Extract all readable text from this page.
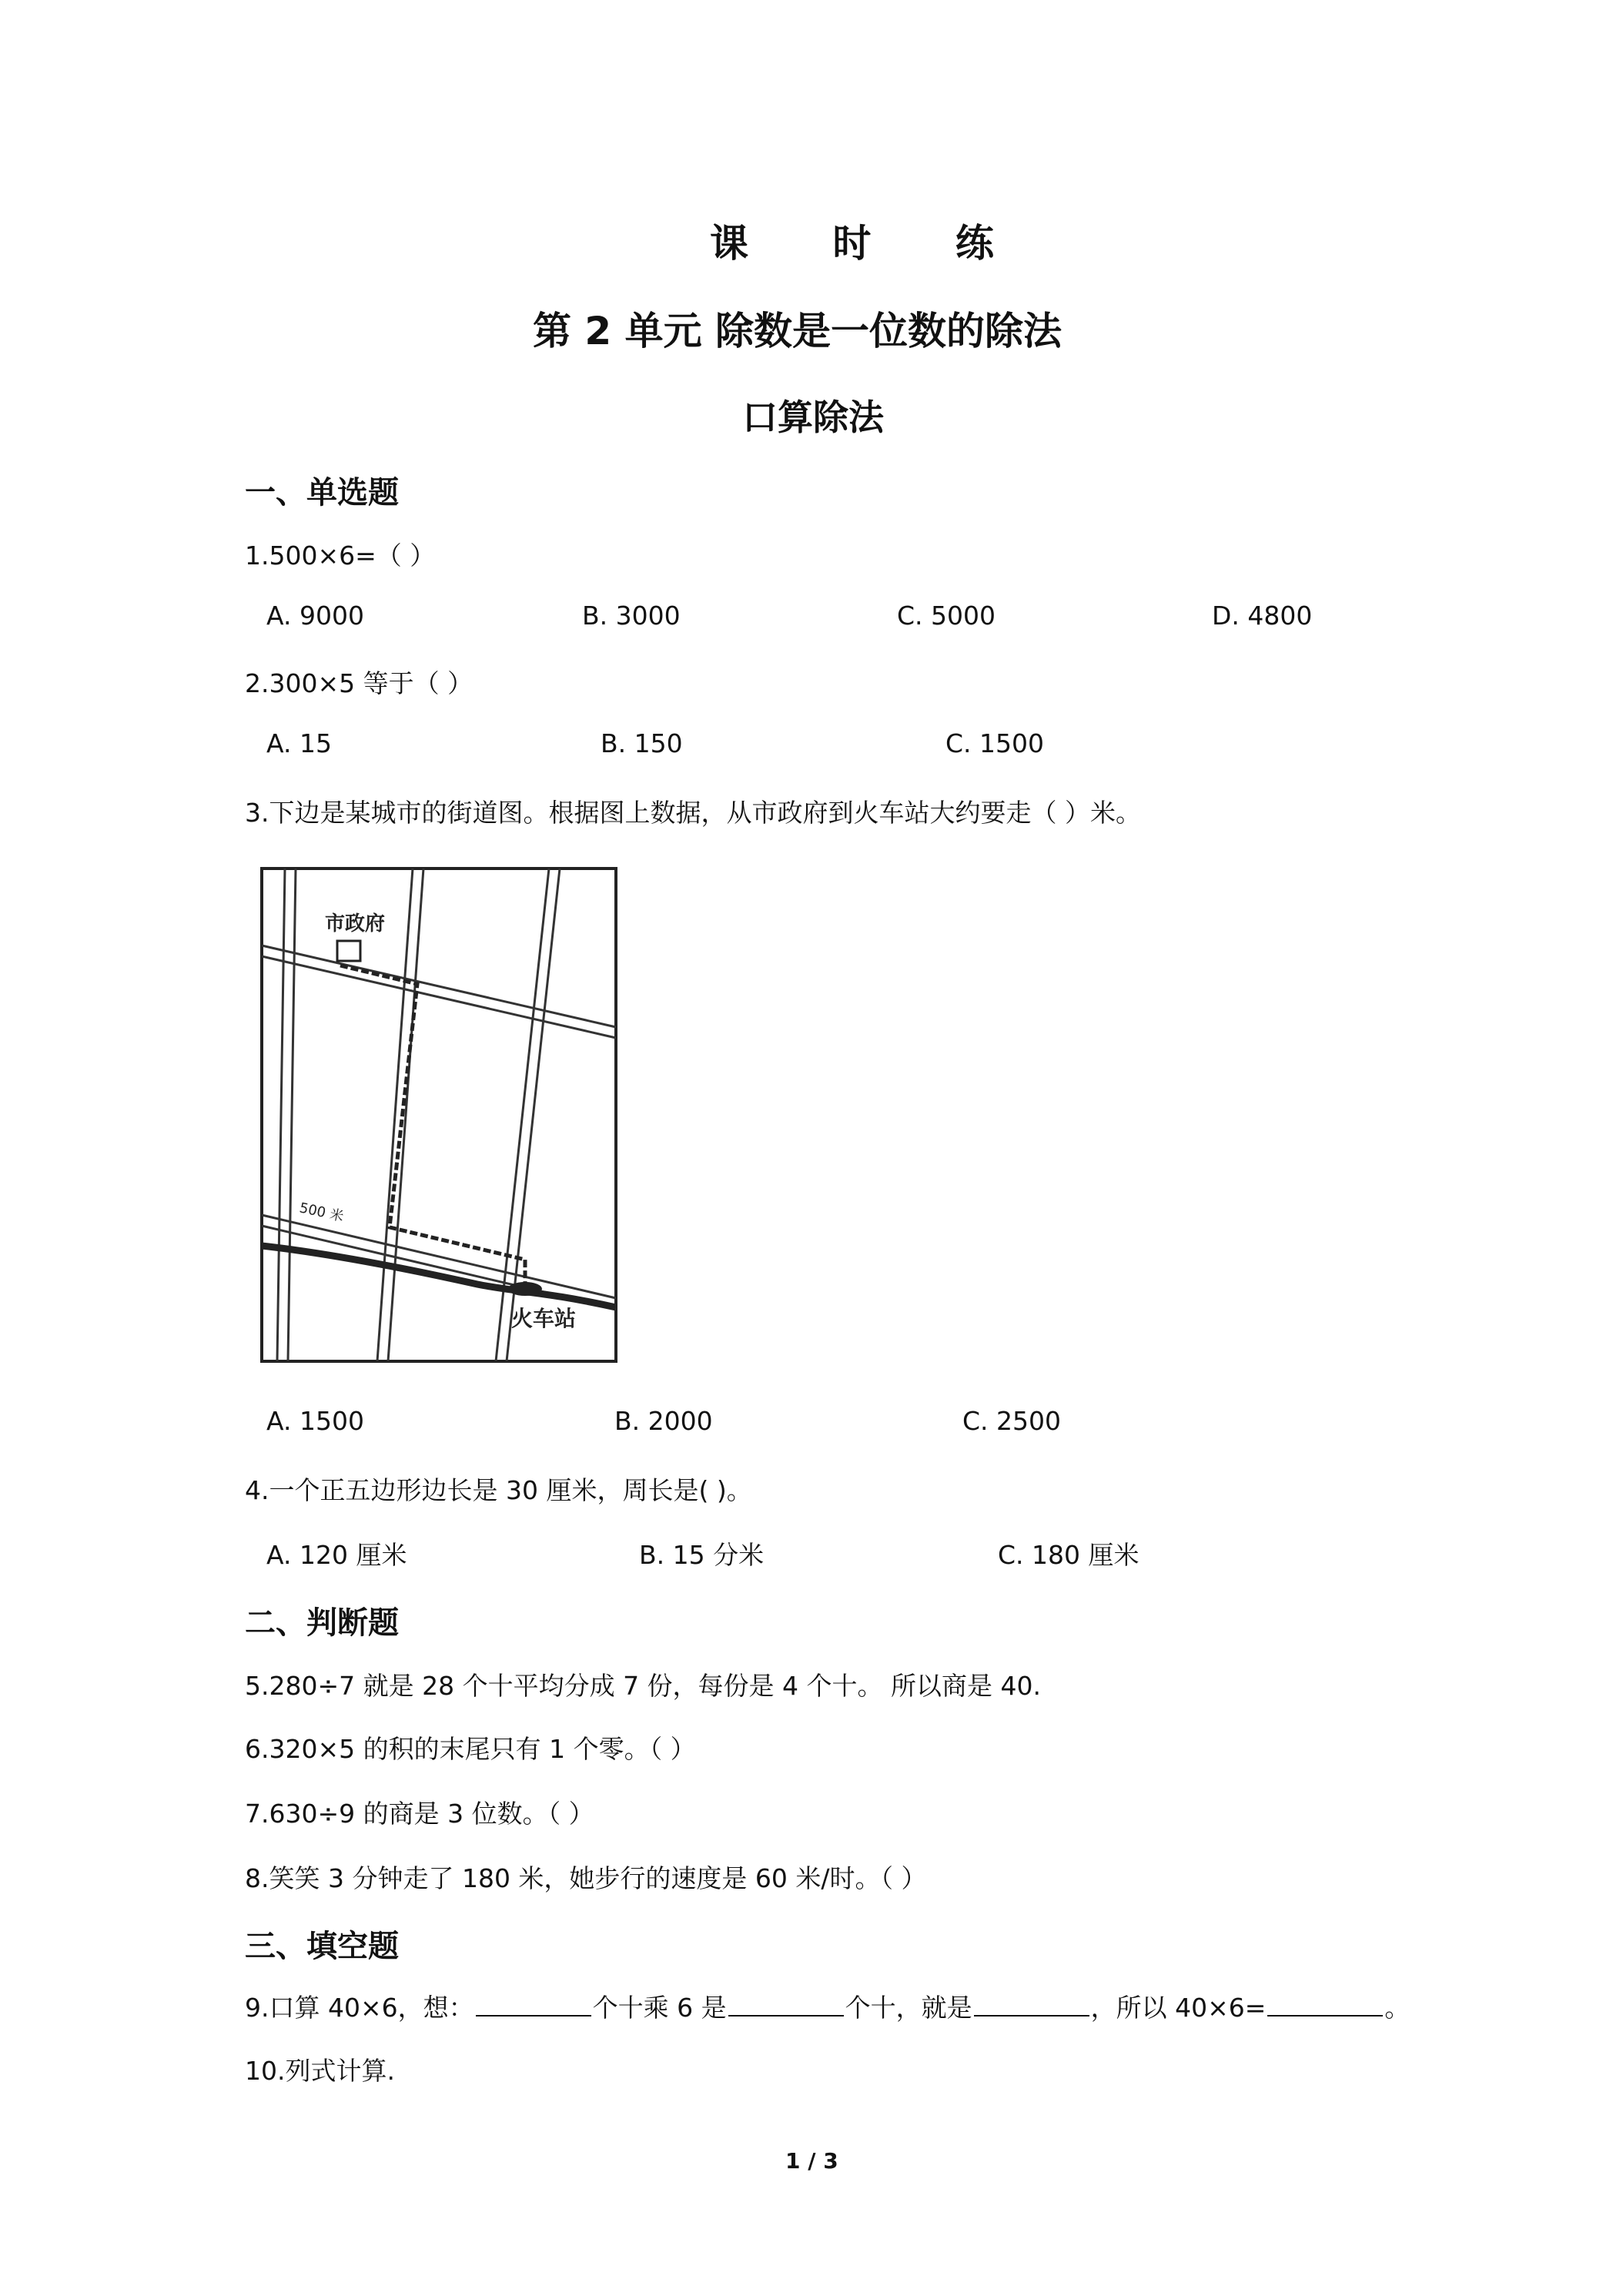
课 时 练
第 2 单元 除数是一位数的除法
口算除法
一、单选题
1.500×6=（ ）
A. 9000	B. 3000	C. 5000	D. 4800
2.300×5 等于（ ）
A. 15	B. 150	C. 1500
3.下边是某城市的街道图。根据图上数据，从市政府到火车站大约要走（ ）米。
市政府
500 米
火车站
A. 1500	B. 2000	C. 2500
4.一个正五边形边长是 30 厘米，周长是( )。
A. 120 厘米	B. 15 分米	C. 180 厘米
二、判断题
5.280÷7 就是 28 个十平均分成 7 份，每份是 4 个十。 所以商是 40.
6.320×5 的积的末尾只有 1 个零。（ ）
7.630÷9 的商是 3 位数。（ ）
8.笑笑 3 分钟走了 180 米，她步行的速度是 60 米/时。（ ）
三、填空题
9.口算 40×6，想：	个十乘 6 是	个十，就是	，所以 40×6=	。
10.列式计算.
1 / 3
